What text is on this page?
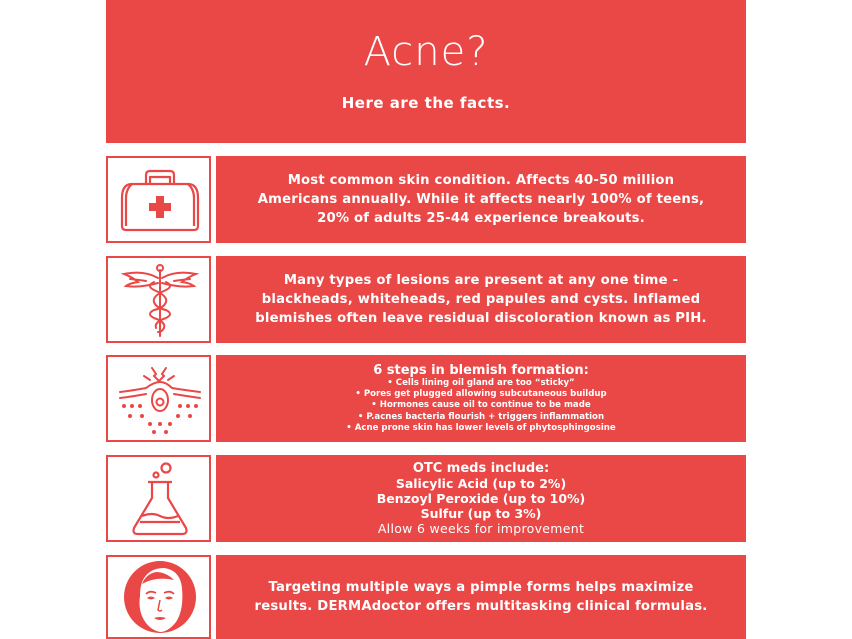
Acne?
Here are the facts.
Most common skin condition. Affects 40-50 million
Americans annually. While it affects nearly 100% of teens,
20% of adults 25-44 experience breakouts.
Many types of lesions are present at any one time -
blackheads, whiteheads, red papules and cysts. Inflamed
blemishes often leave residual discoloration known as PIH.
6 steps in blemish formation:
• Cells lining oil gland are too “sticky”
• Pores get plugged allowing subcutaneous buildup
• Hormones cause oil to continue to be made
• P.acnes bacteria flourish + triggers inflammation
• Acne prone skin has lower levels of phytosphingosine
OTC meds include:
Salicylic Acid (up to 2%)
Benzoyl Peroxide (up to 10%)
Sulfur (up to 3%)
Allow 6 weeks for improvement
Targeting multiple ways a pimple forms helps maximize
results. DERMAdoctor offers multitasking clinical formulas.
